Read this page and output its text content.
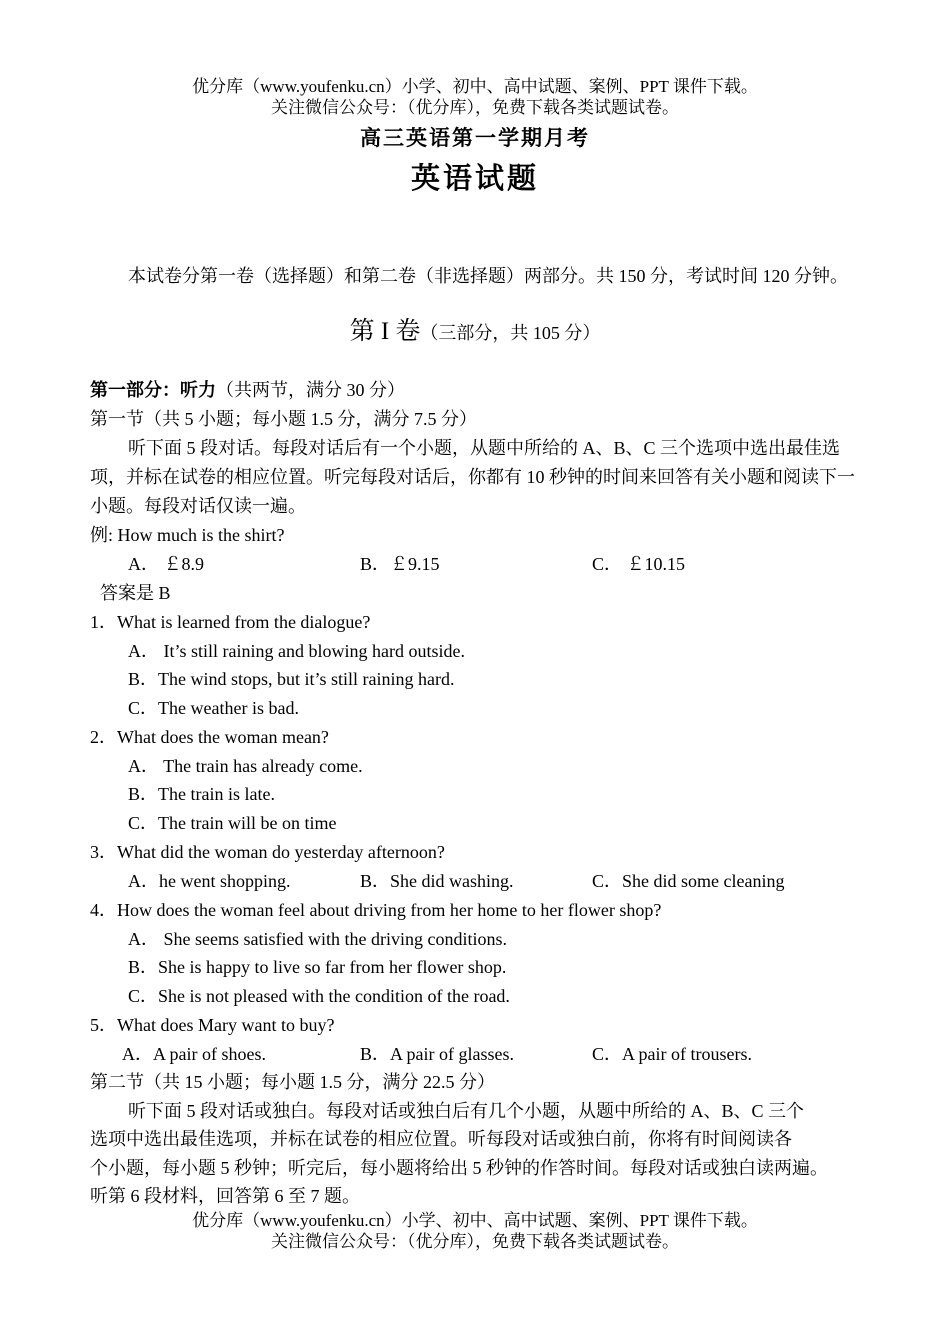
优分库（www.youfenku.cn）小学、初中、高中试题、案例、PPT 课件下载。
关注微信公众号：（优分库），免费下载各类试题试卷。
高三英语第一学期月考
英语试题
本试卷分第一卷（选择题）和第二卷（非选择题）两部分。共 150 分，考试时间 120 分钟。
第 I 卷（三部分，共 105 分）
第一部分：听力（共两节，满分 30 分）
第一节（共 5 小题；每小题 1.5 分，满分 7.5 分）
听下面 5 段对话。每段对话后有一个小题，从题中所给的 A、B、C 三个选项中选出最佳选项，并标在试卷的相应位置。听完每段对话后，你都有 10 秒钟的时间来回答有关小题和阅读下一小题。每段对话仅读一遍。
例: How much is the shirt?
A． ￡8.9	B．￡9.15	C． ￡10.15
答案是 B
1．What is learned from the dialogue?
A． It’s still raining and blowing hard outside.
B．The wind stops, but it’s still raining hard.
C．The weather is bad.
2．What does the woman mean?
A． The train has already come.
B．The train is late.
C．The train will be on time
3．What did the woman do yesterday afternoon?
A．he went shopping.	B．She did washing.	C．She did some cleaning
4．How does the woman feel about driving from her home to her flower shop?
A． She seems satisfied with the driving conditions.
B．She is happy to live so far from her flower shop.
C．She is not pleased with the condition of the road.
5．What does Mary want to buy?
A．A pair of shoes.	B．A pair of glasses.	C．A pair of trousers.
第二节（共 15 小题；每小题 1.5 分，满分 22.5 分）
听下面 5 段对话或独白。每段对话或独白后有几个小题，从题中所给的 A、B、C 三个
选项中选出最佳选项，并标在试卷的相应位置。听每段对话或独白前，你将有时间阅读各
个小题，每小题 5 秒钟；听完后，每小题将给出 5 秒钟的作答时间。每段对话或独白读两遍。
听第 6 段材料，回答第 6 至 7 题。
优分库（www.youfenku.cn）小学、初中、高中试题、案例、PPT 课件下载。
关注微信公众号：（优分库），免费下载各类试题试卷。
